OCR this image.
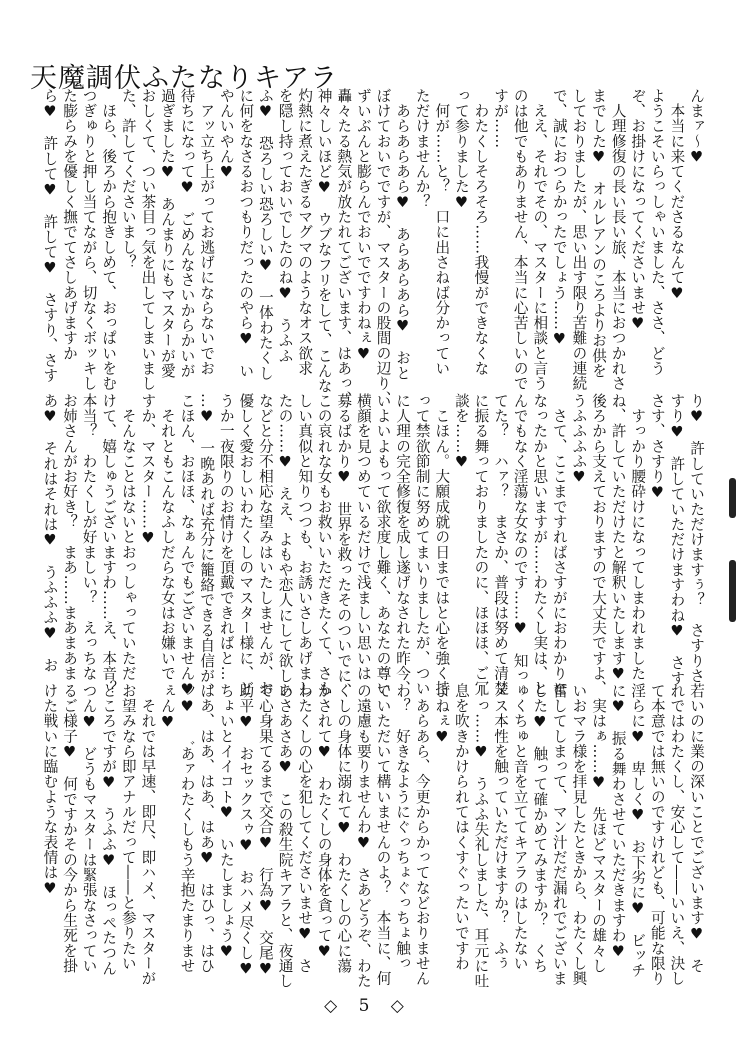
天魔調伏ふたなりキアラ
んまァ～♥
　本当に来てくださるなんて♥
ようこそいらっしゃいました、ささ、どう
ぞ、お掛けになってくださいませ♥
　人理修復の長い長い旅、本当におつかれさ
までした♥　オルレアンのころよりお供を
しておりましたが、思い出す限り苦難の連続
で、誠におつらかったでしょう……♥
　ええ、それでその、マスターに相談と言う
のは他でもありません、本当に心苦しいので
すが……
　わたくしそろそろ……我慢ができなくな
って参りました♥
　何が……と？　口に出さねば分かってい
ただけませんか？
　あらあらあら♥　あらあらあら♥　おと
ぼけておいでですが、マスターの股間の辺り、
ずいぶんと膨らんでおいでですわねぇ♥
轟々たる熱気が放たれてございます、はあっ、
神々しいほど♥　ウブなフリをして、こんな
灼熱に煮えたぎるマグマのようなオス欲求
を隠し持っておいでしたのね♥　うふふ
ふ♥　恐ろしい恐ろしい♥　一体わたくし
に何をなさるおつもりだったのやら♥　い
やんいやん♥
　アッ立ち上がってお逃げにならないでお
待ちになって♥　ごめんなさいからかいが
過ぎました♥　あんまりにもマスターが愛
おしくて、つい茶目っ気を出してしまいまし
た、許してくださいまし？
　ほら、後ろから抱きしめて、おっぱいをむ
つぎゅりと押し当てながら、切なくボッキし
た膨らみを優しく撫でてさしあげますか
ら♥　許して♥　許して♥　さすり、さす
り♥　許していただけますぅ？　さすりさ
すり♥　許していただけますわね♥　さす
さす、さすり♥
　すっかり腰砕けになってしまわれました
ね、許していただけたと解釈いたします♥
後ろから支えておりますので大丈夫ですよ、
うふふふふ♥
　さて、ここまですればさすがにおわかりに
なったかと思いますが……わたくし実は、と
んでもなく淫蕩な女なのです……♥　知っ
てた？　ハァ？　まさか、普段は努めて清楚
に振る舞っておりましたのに、ほほほ、ご冗
談を……♥
　こほん。大願成就の日まではと心を強く持
って禁欲節制に努めてまいりましたが、つい
に人理の完全修復を成し遂げなされた昨今、
いよいよもって欲求度し難く、あなたの尊い
横顔を見つめているだけで浅ましい思いは
募るばかり♥　世界を救ったそのついでに、
この哀れな女もお救いいただきたくて、さも
しい真似と知りつつも、お誘いさしあげまし
たの……♥　ええ、よもや恋人にして欲しい
などと分不相応な望みはいたしませんが、お
優しく愛おしいわたくしのマスター様に、ど
うか一夜限りのお情けを頂戴できればと…
…♥　一晩あれば充分に籠絡できる自信が、
こほん、おほほ、なぁんでもございません♥
　それともこんなふしだらな女はお嫌いで
すか、マスター……♥
　そんなことはないとおっしゃっていただ
けて、嬉しゅうございますわ……え、本音？
本当？　わたくしが好ましい？　えっちな
お姉さんがお好き？　まあ……まあまあま
あ♥　それはそれは♥　うふふふ♥　お
若いのに業の深いことでございます♥　そ
れではわたくし、安心して――いいえ、決し
て本意では無いのですけれども、可能な限り
淫らに♥　卑しく♥　お下劣に♥　ビッチ
に♥　振る舞わさせていただきますわ♥
　実はぁ……♥　先ほどマスターの雄々し
いおマラ様を拝見したときから、わたくし興
奮してしまって、マン汁だだ漏れでございま
した♥　触って確かめてみますか？　くち
ゅくちゅと音を立ててキアラのはしたない
メス本性を触っていただけますか？　ふぅ
ーっ……♥　うふふ失礼しました、耳元に吐
息を吹きかけられてはくすぐったいですわ
よねぇ♥
　あらあら、今更からかってなどおりません
わ？　好きなようにぐっちょぐっちょ触っ
ていただいて構いませんのよ？　本当に、何
の遠慮も要りませんわ♥　さあどうぞ、わた
くしの身体に溺れて♥　わたくしの心に蕩
かされて♥　わたくしの身体を貪って♥
わたくしの心を犯してくださいませ♥　さ
あさあさあ♥　この殺生院キアラと、夜通し
で心身果てるまで交合♥　行為♥　交尾♥
助平♥　おセックスゥ♥　おハメ尽くし♥
ちょいとイイコト♥　いたしましょう♥
はあ、はあ、はあ、はあ♥　はひっ、はひ
ッ♥　゛あァわたくしもう辛抱たまりませ
ぇん♥
　それでは早速、即尺、即ハメ、マスターが
お望みなら即アナルだって――と参りたい
ところですが♥　うふふ♥　ほっぺたつん
つん♥　どうもマスターは緊張なさってい
るご様子♥　何ですかその今から生死を掛
けた戦いに臨むような表情は♥
◇ 5 ◇
